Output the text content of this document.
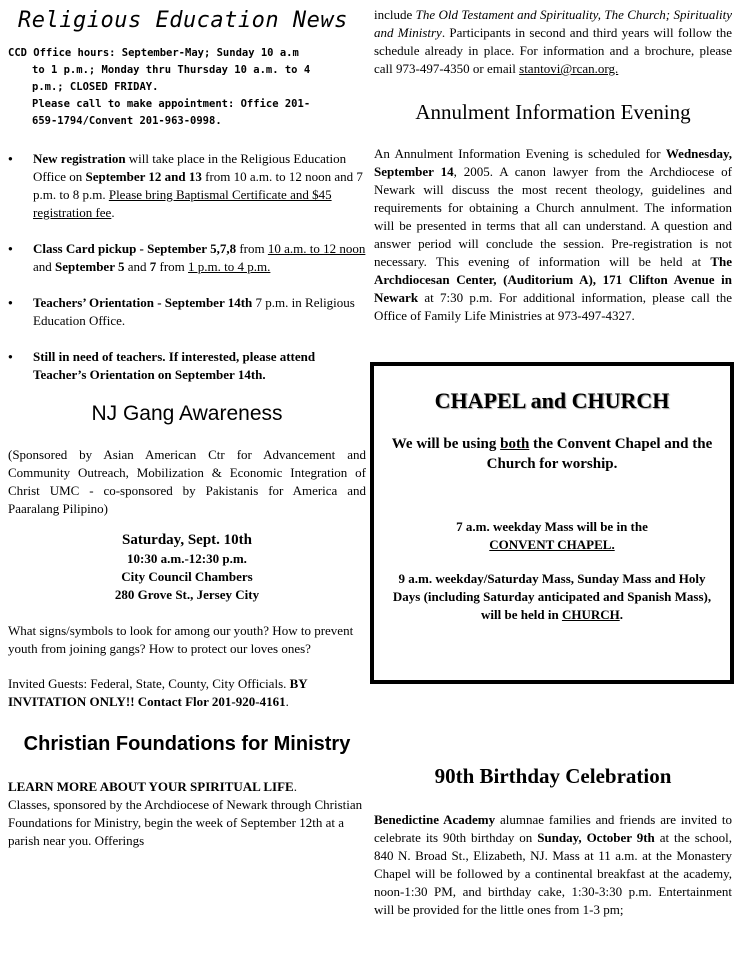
Religious Education News
CCD Office hours: September-May; Sunday 10 a.m
to 1 p.m.; Monday thru Thursday 10 a.m. to 4
p.m.; CLOSED FRIDAY.
Please call to make appointment: Office 201-
659-1794/Convent 201-963-0998.
● New registration will take place in the Religious Education Office on September 12 and 13 from 10 a.m. to 12 noon and 7 p.m. to 8 p.m. Please bring Baptismal Certificate and $45 registration fee.
● Class Card pickup - September 5,7,8 from 10 a.m. to 12 noon and September 5 and 7 from 1 p.m. to 4 p.m.
● Teachers’ Orientation - September 14th 7 p.m. in Religious Education Office.
● Still in need of teachers. If interested, please attend Teacher’s Orientation on September 14th.
NJ Gang Awareness

(Sponsored by Asian American Ctr for Advancement and Community Outreach, Mobilization & Economic Integration of Christ UMC - co-sponsored by Pakistanis for America and Paaralang Pilipino)

Saturday, Sept. 10th
10:30 a.m.-12:30 p.m.
City Council Chambers
280 Grove St., Jersey City

What signs/symbols to look for among our youth? How to prevent youth from joining gangs? How to protect our loves ones?

Invited Guests: Federal, State, County, City Officials. BY INVITATION ONLY!! Contact Flor 201-920-4161.

Christian Foundations for Ministry

LEARN MORE ABOUT YOUR SPIRITUAL LIFE.

Classes, sponsored by the Archdiocese of Newark through Christian Foundations for Ministry, begin the week of September 12th at a parish near you. Offerings

include The Old Testament and Spirituality, The Church; Spirituality and Ministry. Participants in second and third years will follow the schedule already in place. For information and a brochure, please call 973-497-4350 or email stantovi@rcan.org.

Annulment Information Evening

An Annulment Information Evening is scheduled for Wednesday, September 14, 2005. A canon lawyer from the Archdiocese of Newark will discuss the most recent theology, guidelines and requirements for obtaining a Church annulment. The information will be presented in terms that all can understand. A question and answer period will conclude the session. Pre-registration is not necessary. This evening of information will be held at The Archdiocesan Center, (Auditorium A), 171 Clifton Avenue in Newark at 7:30 p.m. For additional information, please call the Office of Family Life Ministries at 973-497-4327.

CHAPEL and CHURCH

We will be using both the Convent Chapel and the Church for worship.

7 a.m. weekday Mass will be in the
CONVENT CHAPEL.

9 a.m. weekday/Saturday Mass, Sunday Mass and Holy Days (including Saturday anticipated and Spanish Mass), will be held in CHURCH.

90th Birthday Celebration

Benedictine Academy alumnae families and friends are invited to celebrate its 90th birthday on Sunday, October 9th at the school, 840 N. Broad St., Elizabeth, NJ. Mass at 11 a.m. at the Monastery Chapel will be followed by a continental breakfast at the academy, noon-1:30 PM, and birthday cake, 1:30-3:30 p.m. Entertainment will be provided for the little ones from 1-3 pm;
